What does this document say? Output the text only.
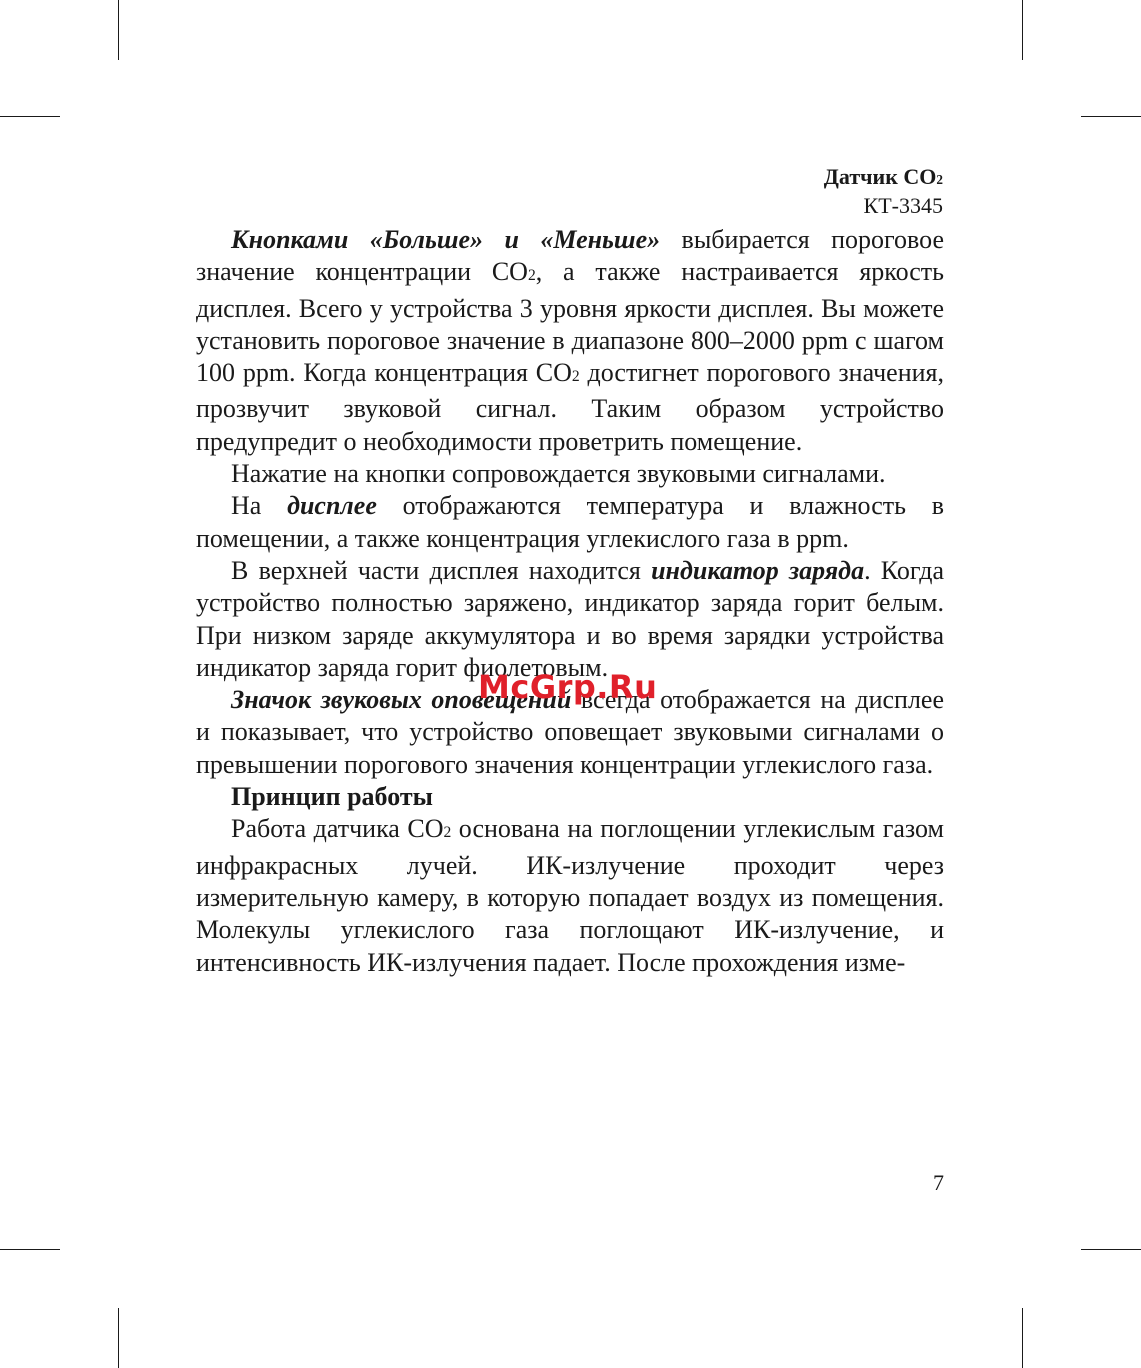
Датчик СО2
КТ-3345

Кнопками «Больше» и «Меньше» выбирается пороговое значение концентрации СО2, а также настраивается яркость дисплея. Всего у устройства 3 уровня яркости дисплея. Вы можете установить пороговое значение в диапазоне 800–2000 ppm с шагом 100 ppm. Когда концентрация СО2 достигнет порогового значения, прозвучит звуковой сигнал. Таким образом устройство предупредит о необходимости проветрить помещение.

Нажатие на кнопки сопровождается звуковыми сигналами.

На дисплее отображаются температура и влажность в помещении, а также концентрация углекислого газа в ppm.

В верхней части дисплея находится индикатор заряда. Когда устройство полностью заряжено, индикатор заряда горит белым. При низком заряде аккумулятора и во время зарядки устройства индикатор заряда горит фиолетовым.

Значок звуковых оповещений всегда отображается на дисплее и показывает, что устройство оповещает звуковыми сигналами о превышении порогового значения концентрации углекислого газа.

Принцип работы

Работа датчика СО2 основана на поглощении углекислым газом инфракрасных лучей. ИК-излучение проходит через измерительную камеру, в которую попадает воздух из помещения. Молекулы углекислого газа поглощают ИК-излучение, и интенсивность ИК-излучения падает. После прохождения изме-

McGrp.Ru
7
